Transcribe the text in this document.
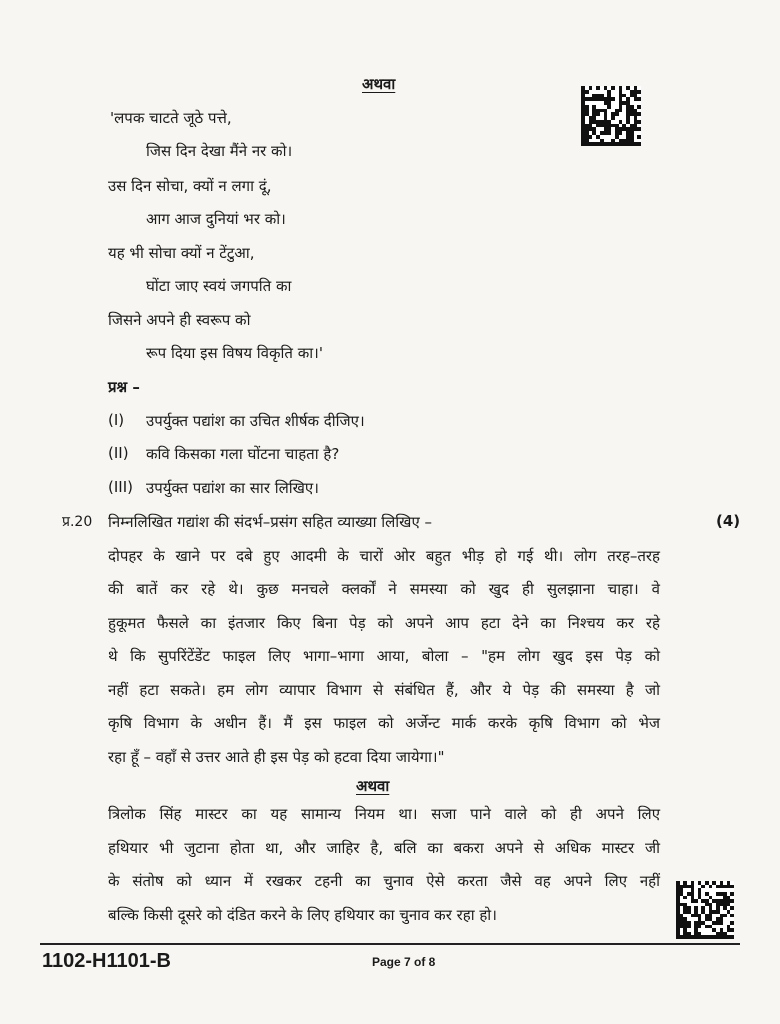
अथवा
'लपक चाटते जूठे पत्ते,
जिस दिन देखा मैंने नर को।
उस दिन सोचा, क्यों न लगा दूं,
आग आज दुनियां भर को।
यह भी सोचा क्यों न टेंटुआ,
घोंटा जाए स्वयं जगपति का
जिसने अपने ही स्वरूप को
रूप दिया इस विषय विकृति का।'
प्रश्न –
(I) उपर्युक्त पद्यांश का उचित शीर्षक दीजिए।
(II) कवि किसका गला घोंटना चाहता है?
(III) उपर्युक्त पद्यांश का सार लिखिए।
प्र.20 निम्नलिखित गद्यांश की संदर्भ–प्रसंग सहित व्याख्या लिखिए –	(4)
दोपहर के खाने पर दबे हुए आदमी के चारों ओर बहुत भीड़ हो गई थी। लोग तरह–तरह
की बातें कर रहे थे। कुछ मनचले क्लर्कों ने समस्या को खुद ही सुलझाना चाहा। वे
हुकूमत फैसले का इंतजार किए बिना पेड़ को अपने आप हटा देने का निश्चय कर रहे
थे कि सुपरिंटेंडेंट फाइल लिए भागा–भागा आया, बोला – "हम लोग खुद इस पेड़ को
नहीं हटा सकते। हम लोग व्यापार विभाग से संबंधित हैं, और ये पेड़ की समस्या है जो
कृषि विभाग के अधीन हैं। मैं इस फाइल को अर्जेन्ट मार्क करके कृषि विभाग को भेज
रहा हूँ – वहाँ से उत्तर आते ही इस पेड़ को हटवा दिया जायेगा।"
अथवा
त्रिलोक सिंह मास्टर का यह सामान्य नियम था। सजा पाने वाले को ही अपने लिए
हथियार भी जुटाना होता था, और जाहिर है, बलि का बकरा अपने से अधिक मास्टर जी
के संतोष को ध्यान में रखकर टहनी का चुनाव ऐसे करता जैसे वह अपने लिए नहीं
बल्कि किसी दूसरे को दंडित करने के लिए हथियार का चुनाव कर रहा हो।
1102-H1101-B	Page 7 of 8
